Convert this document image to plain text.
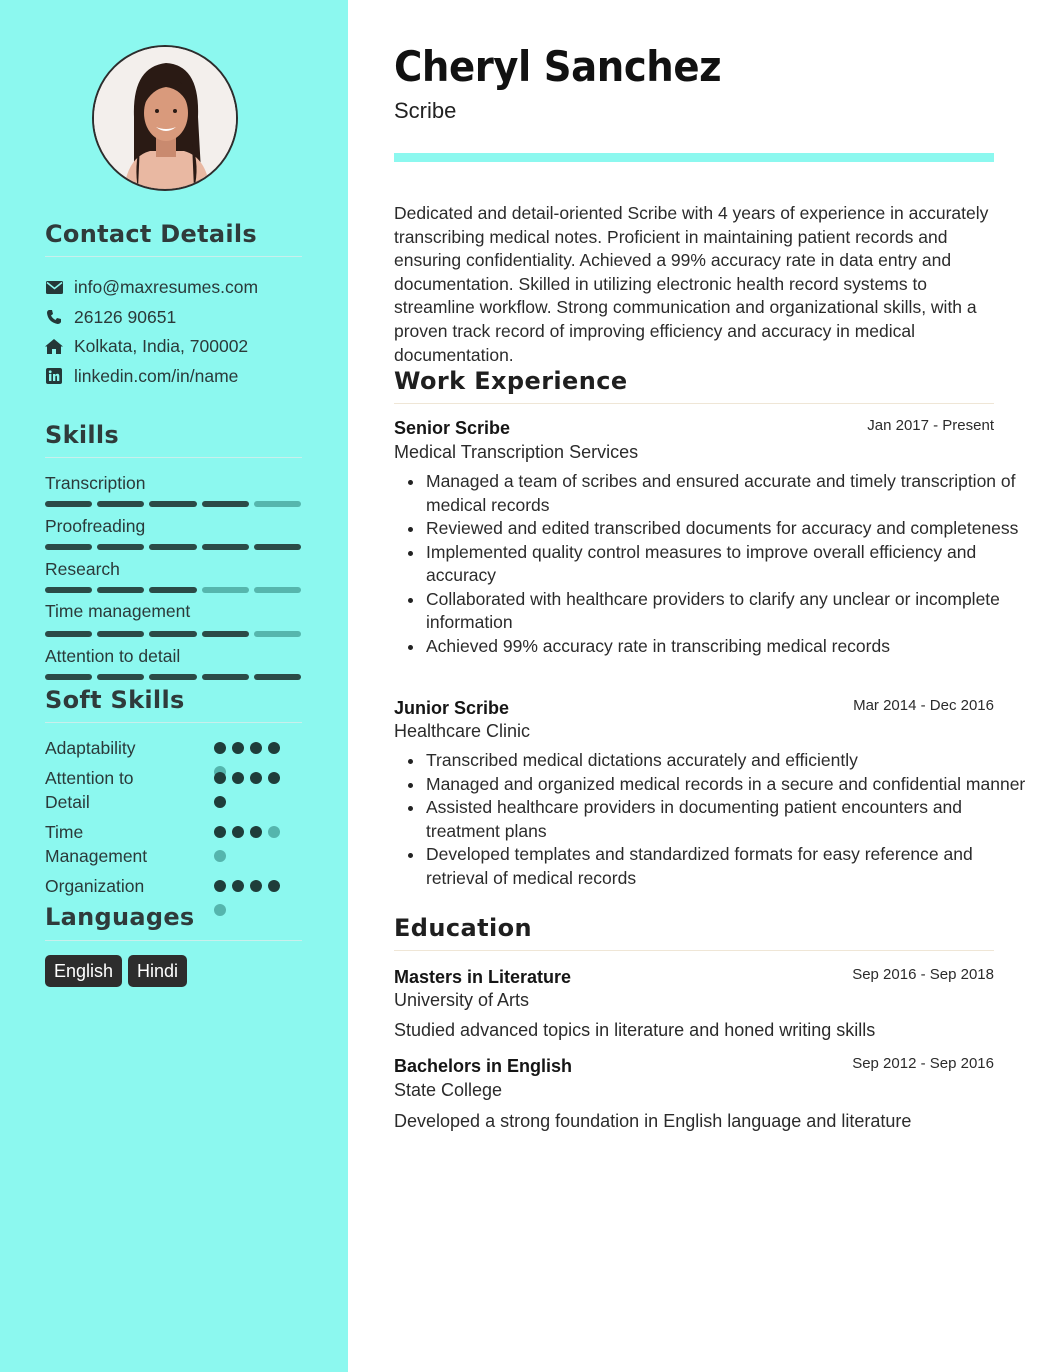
Contact Details
info@maxresumes.com
26126 90651
Kolkata, India, 700002
linkedin.com/in/name
Skills
Transcription
Proofreading
Research
Time management
Attention to detail
Soft Skills
Adaptability
Attention to Detail
Time Management
Organization
Languages
English	Hindi
Cheryl Sanchez
Scribe

Dedicated and detail-oriented Scribe with 4 years of experience in accurately transcribing medical notes. Proficient in maintaining patient records and ensuring confidentiality. Achieved a 99% accuracy rate in data entry and documentation. Skilled in utilizing electronic health record systems to streamline workflow. Strong communication and organizational skills, with a proven track record of improving efficiency and accuracy in medical documentation.

Work Experience
Senior Scribe	Jan 2017 - Present
Medical Transcription Services
Managed a team of scribes and ensured accurate and timely transcription of medical records
Reviewed and edited transcribed documents for accuracy and completeness
Implemented quality control measures to improve overall efficiency and accuracy
Collaborated with healthcare providers to clarify any unclear or incomplete information
Achieved 99% accuracy rate in transcribing medical records
Junior Scribe	Mar 2014 - Dec 2016
Healthcare Clinic
Transcribed medical dictations accurately and efficiently
Managed and organized medical records in a secure and confidential manner
Assisted healthcare providers in documenting patient encounters and treatment plans
Developed templates and standardized formats for easy reference and retrieval of medical records
Education
Masters in Literature	Sep 2016 - Sep 2018
University of Arts
Studied advanced topics in literature and honed writing skills
Bachelors in English	Sep 2012 - Sep 2016
State College
Developed a strong foundation in English language and literature
